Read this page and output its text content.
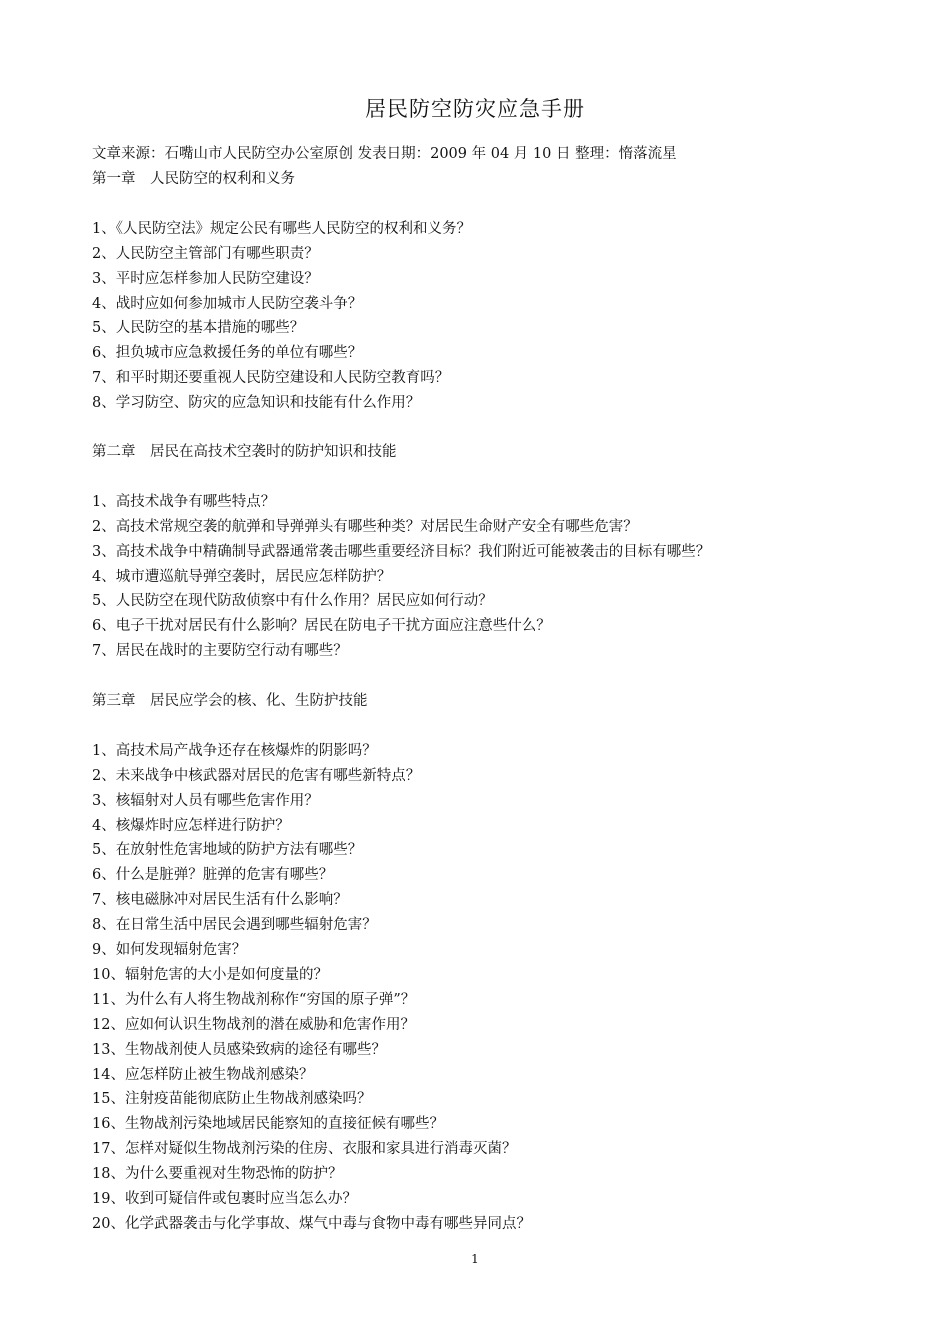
居民防空防灾应急手册
文章来源：石嘴山市人民防空办公室原创 发表日期：2009 年 04 月 10 日 整理：惰落流星
第一章　人民防空的权利和义务
1、《人民防空法》规定公民有哪些人民防空的权利和义务？
2、人民防空主管部门有哪些职责？
3、平时应怎样参加人民防空建设？
4、战时应如何参加城市人民防空袭斗争？
5、人民防空的基本措施的哪些？
6、担负城市应急救援任务的单位有哪些？
7、和平时期还要重视人民防空建设和人民防空教育吗？
8、学习防空、防灾的应急知识和技能有什么作用？
第二章　居民在高技术空袭时的防护知识和技能
1、高技术战争有哪些特点？
2、高技术常规空袭的航弹和导弹弹头有哪些种类？对居民生命财产安全有哪些危害？
3、高技术战争中精确制导武器通常袭击哪些重要经济目标？我们附近可能被袭击的目标有哪些？
4、城市遭巡航导弹空袭时，居民应怎样防护？
5、人民防空在现代防敌侦察中有什么作用？居民应如何行动？
6、电子干扰对居民有什么影响？居民在防电子干扰方面应注意些什么？
7、居民在战时的主要防空行动有哪些？
第三章　居民应学会的核、化、生防护技能
1、高技术局产战争还存在核爆炸的阴影吗？
2、未来战争中核武器对居民的危害有哪些新特点？
3、核辐射对人员有哪些危害作用？
4、核爆炸时应怎样进行防护？
5、在放射性危害地域的防护方法有哪些？
6、什么是脏弹？脏弹的危害有哪些？
7、核电磁脉冲对居民生活有什么影响？
8、在日常生活中居民会遇到哪些辐射危害？
9、如何发现辐射危害？
10、辐射危害的大小是如何度量的？
11、为什么有人将生物战剂称作“穷国的原子弹”？
12、应如何认识生物战剂的潜在威胁和危害作用？
13、生物战剂使人员感染致病的途径有哪些？
14、应怎样防止被生物战剂感染？
15、注射疫苗能彻底防止生物战剂感染吗？
16、生物战剂污染地域居民能察知的直接征候有哪些？
17、怎样对疑似生物战剂污染的住房、衣服和家具进行消毒灭菌？
18、为什么要重视对生物恐怖的防护？
19、收到可疑信件或包裹时应当怎么办？
20、化学武器袭击与化学事故、煤气中毒与食物中毒有哪些异同点？
1
